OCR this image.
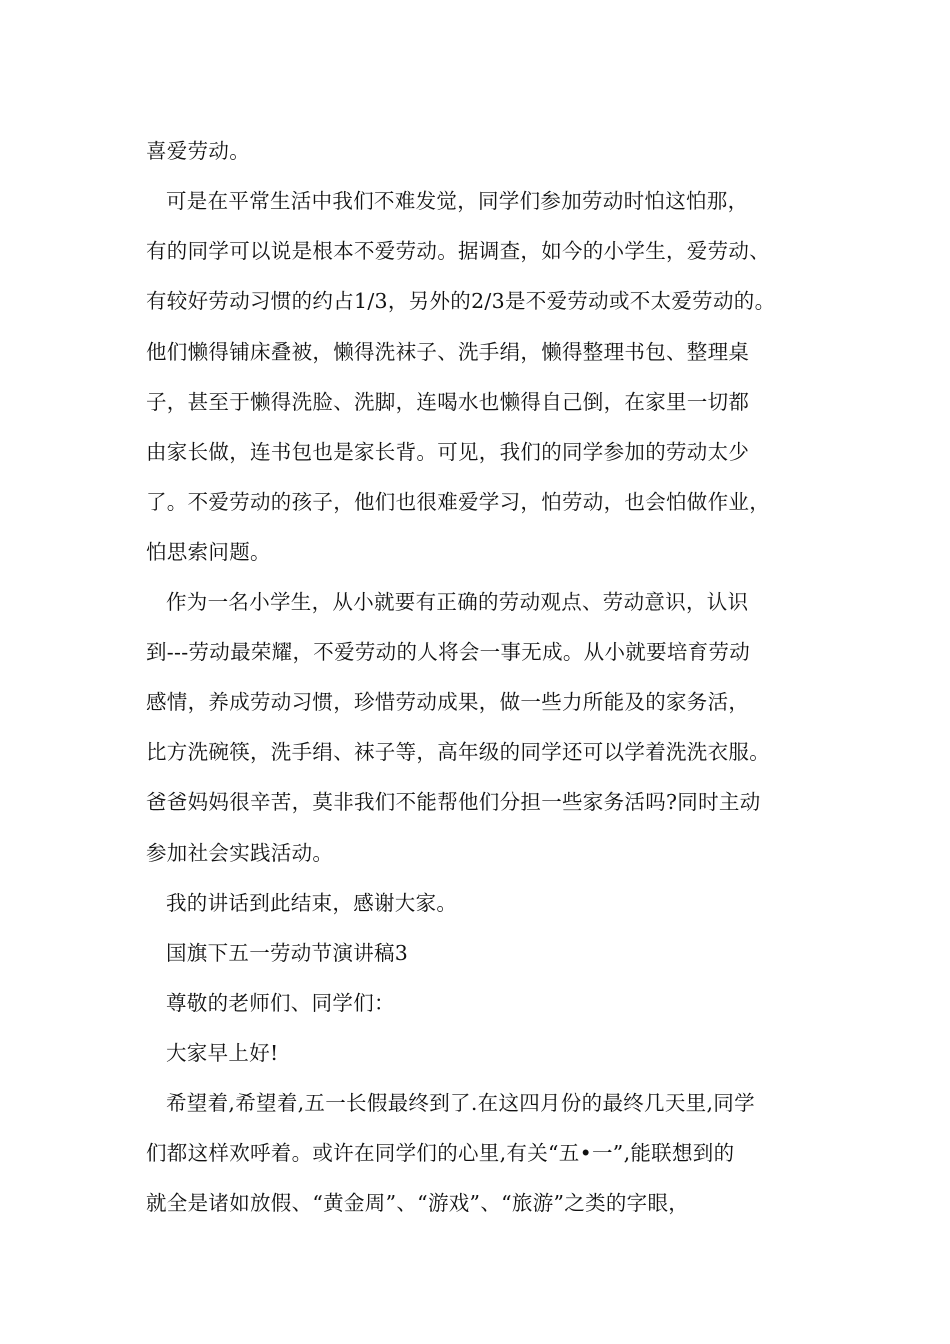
喜爱劳动。
可是在平常生活中我们不难发觉，同学们参加劳动时怕这怕那，
有的同学可以说是根本不爱劳动。据调查，如今的小学生，爱劳动、
有较好劳动习惯的约占1/3，另外的2/3是不爱劳动或不太爱劳动的。
他们懒得铺床叠被，懒得洗袜子、洗手绢，懒得整理书包、整理桌
子，甚至于懒得洗脸、洗脚，连喝水也懒得自己倒，在家里一切都
由家长做，连书包也是家长背。可见，我们的同学参加的劳动太少
了。不爱劳动的孩子，他们也很难爱学习，怕劳动，也会怕做作业，
怕思索问题。
作为一名小学生，从小就要有正确的劳动观点、劳动意识，认识
到---劳动最荣耀，不爱劳动的人将会一事无成。从小就要培育劳动
感情，养成劳动习惯，珍惜劳动成果，做一些力所能及的家务活，
比方洗碗筷，洗手绢、袜子等，高年级的同学还可以学着洗洗衣服。
爸爸妈妈很辛苦，莫非我们不能帮他们分担一些家务活吗?同时主动
参加社会实践活动。
我的讲话到此结束，感谢大家。
国旗下五一劳动节演讲稿3
尊敬的老师们、同学们：
大家早上好!
希望着,希望着,五一长假最终到了.在这四月份的最终几天里,同学
们都这样欢呼着。或许在同学们的心里,有关“五•一”,能联想到的
就全是诸如放假、“黄金周”、“游戏”、“旅游”之类的字眼，
